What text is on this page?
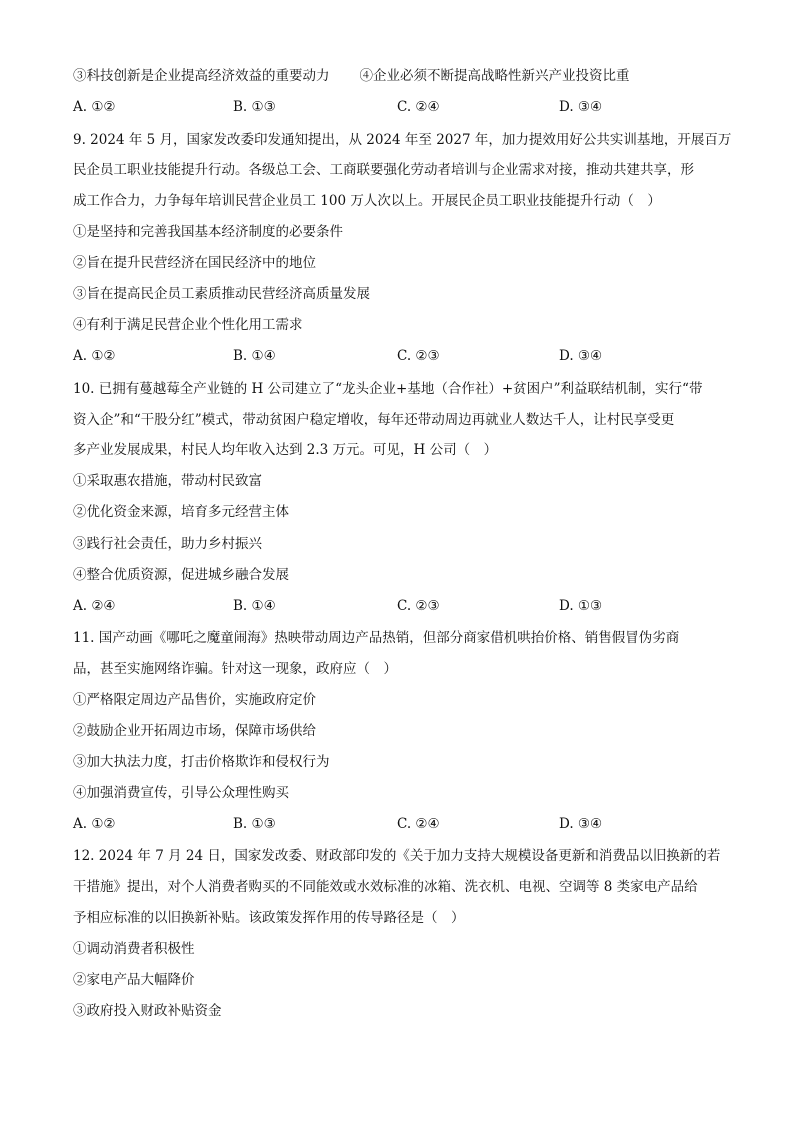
③科技创新是企业提高经济效益的重要动力 ④企业必须不断提高战略性新兴产业投资比重
A. ①②	B. ①③	C. ②④	D. ③④
9. 2024 年 5 月，国家发改委印发通知提出，从 2024 年至 2027 年，加力提效用好公共实训基地，开展百万
民企员工职业技能提升行动。各级总工会、工商联要强化劳动者培训与企业需求对接，推动共建共享，形
成工作合力，力争每年培训民营企业员工 100 万人次以上。开展民企员工职业技能提升行动（　）
①是坚持和完善我国基本经济制度的必要条件
②旨在提升民营经济在国民经济中的地位
③旨在提高民企员工素质推动民营经济高质量发展
④有利于满足民营企业个性化用工需求
A. ①②	B. ①④	C. ②③	D. ③④
10. 已拥有蔓越莓全产业链的 H 公司建立了“龙头企业+基地（合作社）+贫困户”利益联结机制，实行“带
资入企”和“干股分红”模式，带动贫困户稳定增收，每年还带动周边再就业人数达千人，让村民享受更
多产业发展成果，村民人均年收入达到 2.3 万元。可见，H 公司（　）
①采取惠农措施，带动村民致富
②优化资金来源，培育多元经营主体
③践行社会责任，助力乡村振兴
④整合优质资源，促进城乡融合发展
A. ②④	B. ①④	C. ②③	D. ①③
11. 国产动画《哪吒之魔童闹海》热映带动周边产品热销，但部分商家借机哄抬价格、销售假冒伪劣商
品，甚至实施网络诈骗。针对这一现象，政府应（　）
①严格限定周边产品售价，实施政府定价
②鼓励企业开拓周边市场，保障市场供给
③加大执法力度，打击价格欺诈和侵权行为
④加强消费宣传，引导公众理性购买
A. ①②	B. ①③	C. ②④	D. ③④
12. 2024 年 7 月 24 日，国家发改委、财政部印发的《关于加力支持大规模设备更新和消费品以旧换新的若
干措施》提出，对个人消费者购买的不同能效或水效标准的冰箱、洗衣机、电视、空调等 8 类家电产品给
予相应标准的以旧换新补贴。该政策发挥作用的传导路径是（　）
①调动消费者积极性
②家电产品大幅降价
③政府投入财政补贴资金
